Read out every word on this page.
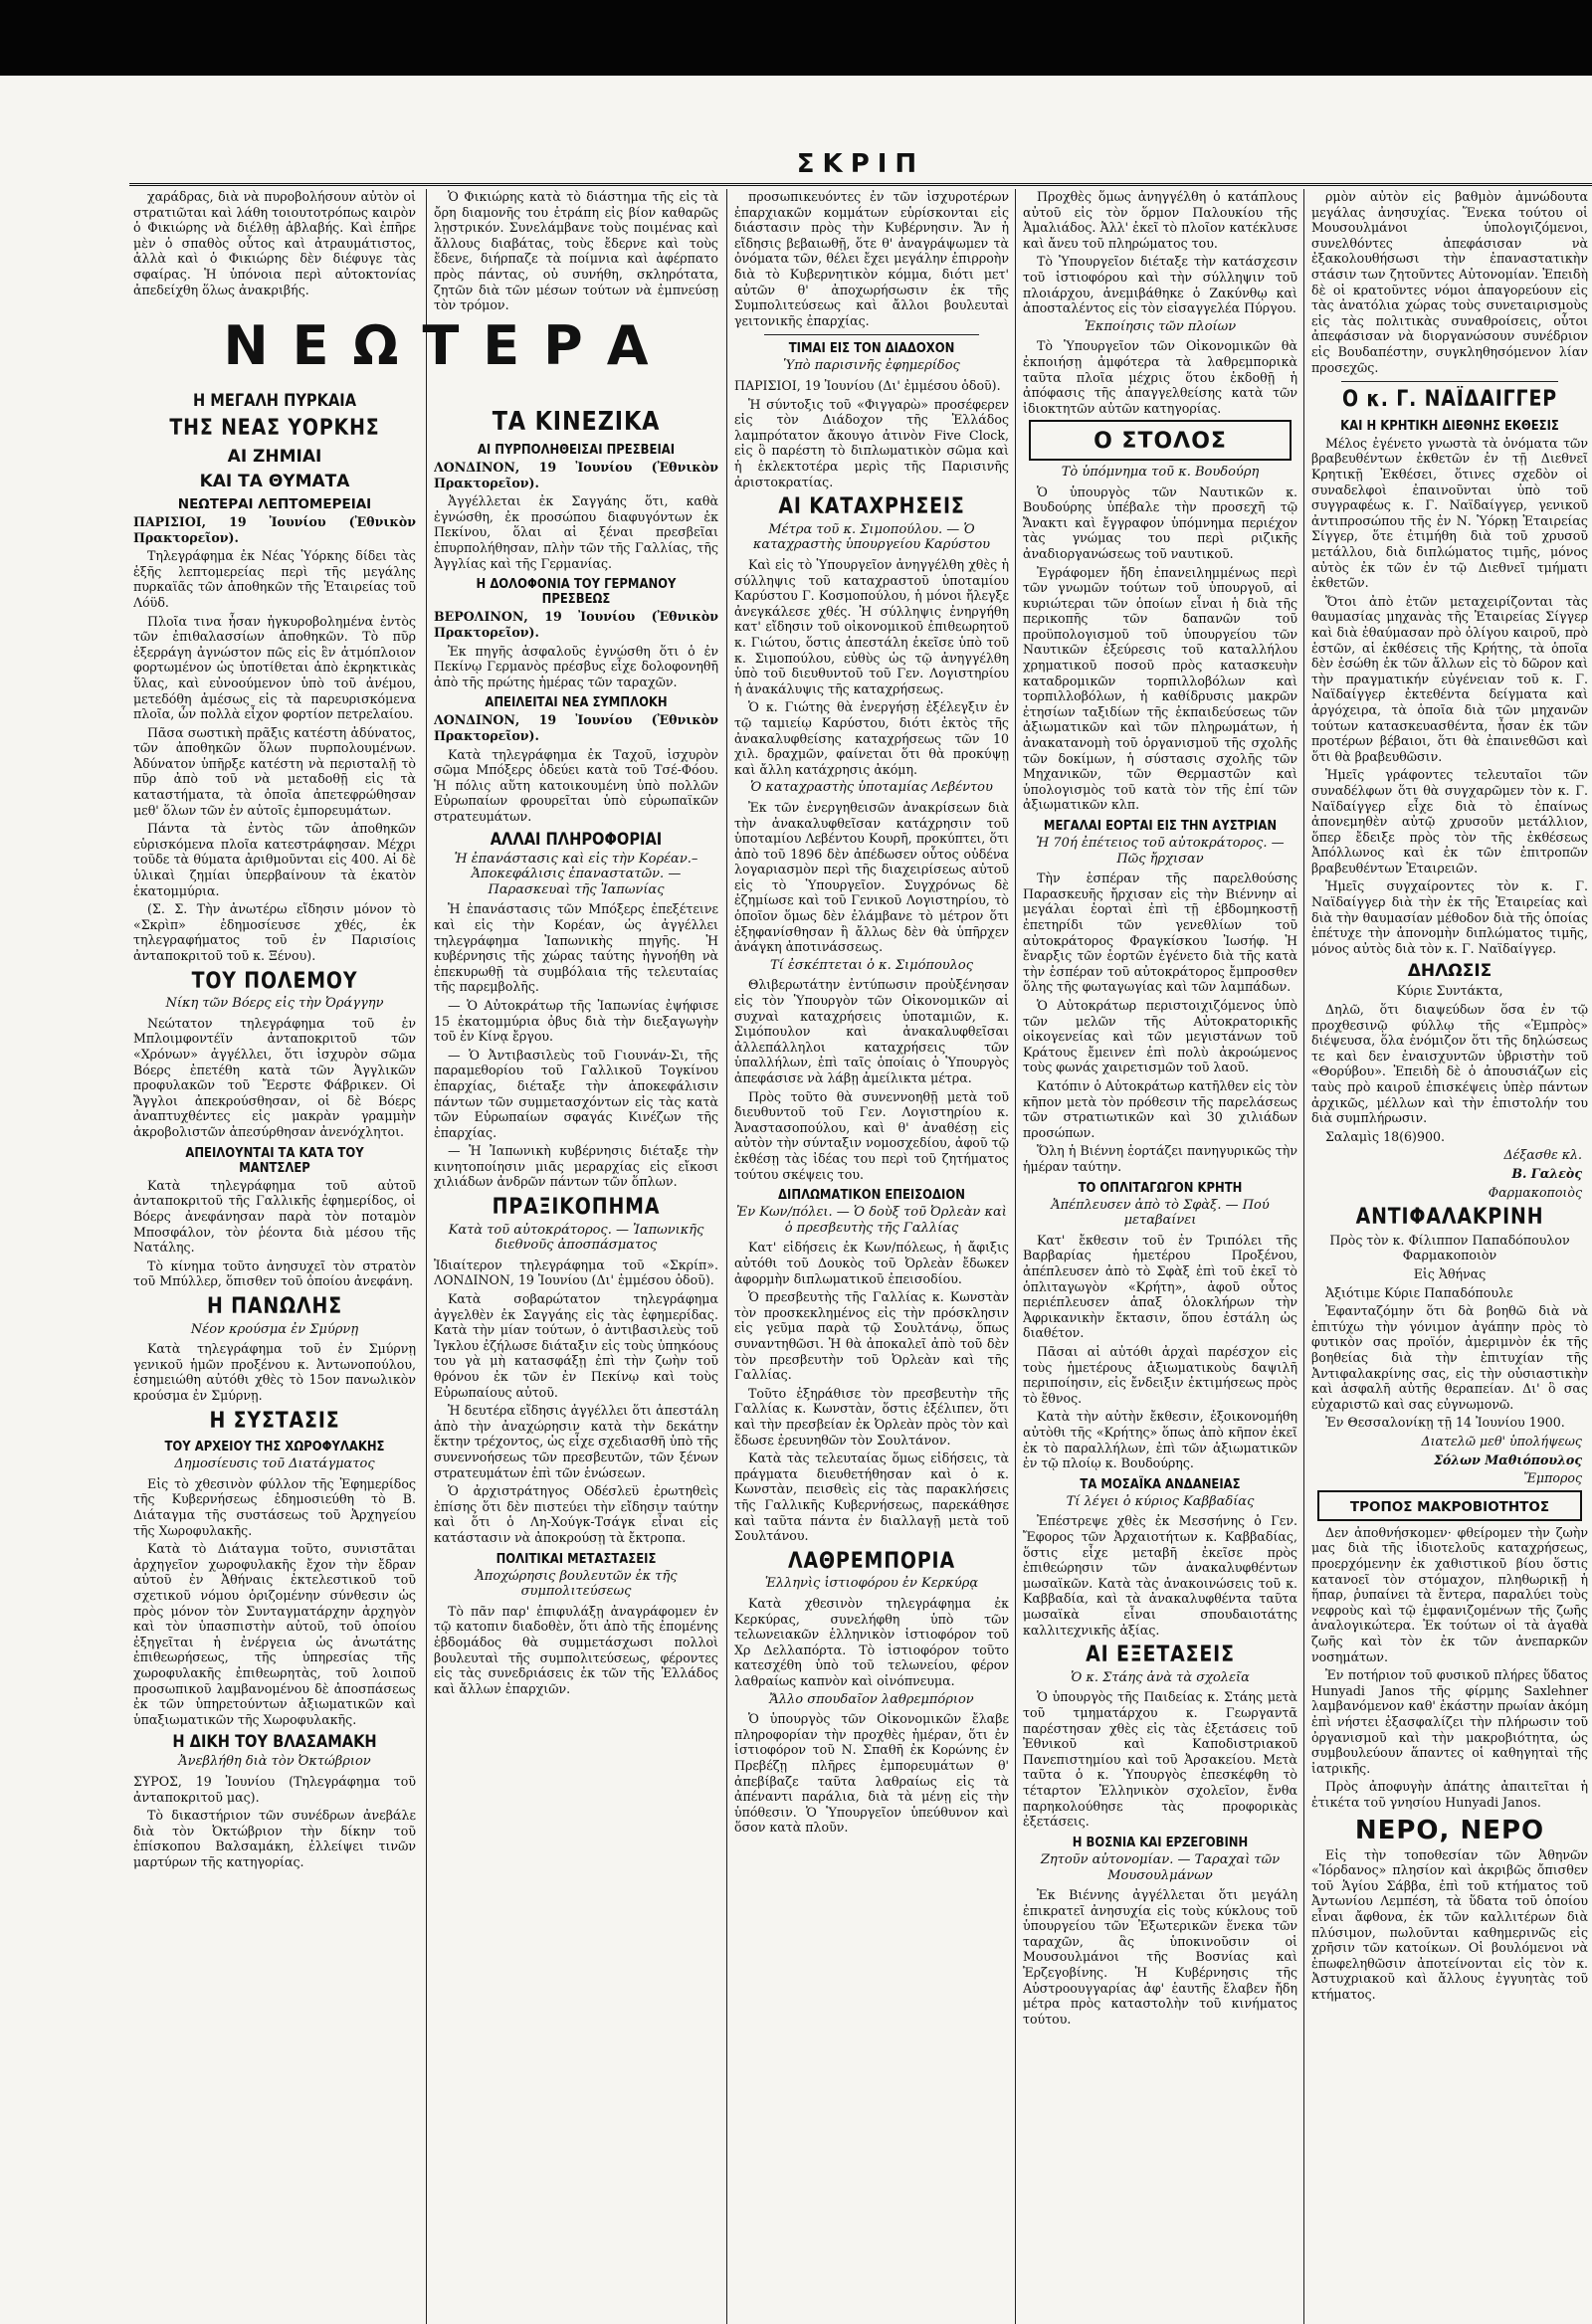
ΣΚΡΙΠ
ΝΕΩΤΕΡΑ

χαράδρας, διὰ νὰ πυροβολήσουν αὐτὸν οἱ στρατιῶται καὶ λάθη τοιουτοτρόπως καιρὸν ὁ Φικιώρης νὰ διέλθῃ ἀβλαβής. Καὶ ἐπῆρε μὲν ὁ σπαθὸς οὗτος καὶ ἀτραυμάτιστος, ἀλλὰ καὶ ὁ Φικιώρης δὲν διέφυγε τὰς σφαίρας. Ἡ ὑπόνοια περὶ αὐτοκτονίας ἀπεδείχθη ὅλως ἀνακριβής.

Η ΜΕΓΑΛΗ ΠΥΡΚΑΙΑ
ΤΗΣ ΝΕΑΣ ΥΟΡΚΗΣ
ΑΙ ΖΗΜΙΑΙ
ΚΑΙ ΤΑ ΘΥΜΑΤΑ
ΝΕΩΤΕΡΑΙ ΛΕΠΤΟΜΕΡΕΙΑΙ

ΠΑΡΙΣΙΟΙ, 19 Ἰουνίου (Ἐθνικὸν Πρακτορεῖον).

Τηλεγράφημα ἐκ Νέας Ὑόρκης δίδει τὰς ἑξῆς λεπτομερείας περὶ τῆς μεγάλης πυρκαϊᾶς τῶν ἀποθηκῶν τῆς Ἑταιρείας τοῦ Λόϋδ.

Πλοῖα τινα ἦσαν ἠγκυροβολημένα ἐντὸς τῶν ἐπιθαλασσίων ἀποθηκῶν. Τὸ πῦρ ἐξερράγη ἀγνώστον πῶς εἰς ἓν ἀτμόπλοιον φορτωμένον ὡς ὑποτίθεται ἀπὸ ἐκρηκτικὰς ὕλας, καὶ εὐνοούμενον ὑπὸ τοῦ ἀνέμου, μετεδόθη ἀμέσως εἰς τὰ παρευρισκόμενα πλοῖα, ὧν πολλὰ εἶχον φορτίον πετρελαίου.

Πᾶσα σωστικὴ πρᾶξις κατέστη ἀδύνατος, τῶν ἀποθηκῶν ὅλων πυρπολουμένων. Ἀδύνατον ὑπῆρξε κατέστη νὰ περισταλῇ τὸ πῦρ ἀπὸ τοῦ νὰ μεταδοθῇ εἰς τὰ καταστήματα, τὰ ὁποῖα ἀπετεφρώθησαν μεθ' ὅλων τῶν ἐν αὐτοῖς ἐμπορευμάτων.

Πάντα τὰ ἐντὸς τῶν ἀποθηκῶν εὑρισκόμενα πλοῖα κατεστράφησαν. Μέχρι τοῦδε τὰ θύματα ἀριθμοῦνται εἰς 400. Αἱ δὲ ὑλικαὶ ζημίαι ὑπερβαίνουν τὰ ἑκατὸν ἑκατομμύρια.

(Σ. Σ. Τὴν ἀνωτέρω εἴδησιν μόνον τὸ «Σκρὶπ» ἐδημοσίευσε χθές, ἐκ τηλεγραφήματος τοῦ ἐν Παρισίοις ἀνταποκριτοῦ τοῦ κ. Ξένου).

ΤΟΥ ΠΟΛΕΜΟΥ
Νίκη τῶν Βόερς εἰς τὴν Ὀράγγην

Νεώτατον τηλεγράφημα τοῦ ἐν Μπλοιμφοντέϊν ἀνταποκριτοῦ τῶν «Χρόνων» ἀγγέλλει, ὅτι ἰσχυρὸν σῶμα Βόερς ἐπετέθη κατὰ τῶν Ἀγγλικῶν προφυλακῶν τοῦ Ἔερστε Φάβρικεν. Οἱ Ἄγγλοι ἀπεκρούσθησαν, οἱ δὲ Βόερς ἀναπτυχθέντες εἰς μακρὰν γραμμὴν ἀκροβολιστῶν ἀπεσύρθησαν ἀνενόχλητοι.

ΑΠΕΙΛΟΥΝΤΑΙ ΤΑ ΚΑΤΑ ΤΟΥ ΜΑΝΤΣΛΕΡ

Κατὰ τηλεγράφημα τοῦ αὐτοῦ ἀνταποκριτοῦ τῆς Γαλλικῆς ἐφημερίδος, οἱ Βόερς ἀνεφάνησαν παρὰ τὸν ποταμὸν Μποσφάλον, τὸν ῥέοντα διὰ μέσου τῆς Νατάλης.

Τὸ κίνημα τοῦτο ἀνησυχεῖ τὸν στρατὸν τοῦ Μπύλλερ, ὅπισθεν τοῦ ὁποίου ἀνεφάνη.

Η ΠΑΝΩΛΗΣ
Νέον κρούσμα ἐν Σμύρνῃ

Κατὰ τηλεγράφημα τοῦ ἐν Σμύρνῃ γενικοῦ ἡμῶν προξένου κ. Ἀντωνοπούλου, ἐσημειώθη αὐτόθι χθὲς τὸ 15ον πανωλικὸν κρούσμα ἐν Σμύρνῃ.

Η ΣΥΣΤΑΣΙΣ
ΤΟΥ ΑΡΧΕΙΟΥ ΤΗΣ ΧΩΡΟΦΥΛΑΚΗΣ
Δημοσίευσις τοῦ Διατάγματος

Εἰς τὸ χθεσινὸν φύλλον τῆς Ἐφημερίδος τῆς Κυβερνήσεως ἐδημοσιεύθη τὸ Β. Διάταγμα τῆς συστάσεως τοῦ Ἀρχηγείου τῆς Χωροφυλακῆς.

Κατὰ τὸ Διάταγμα τοῦτο, συνιστᾶται ἀρχηγεῖον χωροφυλακῆς ἔχον τὴν ἔδραν αὐτοῦ ἐν Ἀθήναις ἐκτελεστικοῦ τοῦ σχετικοῦ νόμου ὁριζομένην σύνθεσιν ὡς πρὸς μόνον τὸν Συνταγματάρχην ἀρχηγὸν καὶ τὸν ὑπασπιστὴν αὐτοῦ, τοῦ ὁποίου ἐξηγεῖται ἡ ἐνέργεια ὡς ἀνωτάτης ἐπιθεωρήσεως, τῆς ὑπηρεσίας τῆς χωροφυλακῆς ἐπιθεωρητὰς, τοῦ λοιποῦ προσωπικοῦ λαμβανομένου δὲ ἀποσπάσεως ἐκ τῶν ὑπηρετούντων ἀξιωματικῶν καὶ ὑπαξιωματικῶν τῆς Χωροφυλακῆς.

Η ΔΙΚΗ ΤΟΥ ΒΛΑΣΑΜΑΚΗ
Ἀνεβλήθη διὰ τὸν Ὀκτώβριον

ΣΥΡΟΣ, 19 Ἰουνίου (Τηλεγράφημα τοῦ ἀνταποκριτοῦ μας).

Τὸ δικαστήριον τῶν συνέδρων ἀνεβάλε διὰ τὸν Ὀκτώβριον τὴν δίκην τοῦ ἐπίσκοπου Βαλσαμάκη, ἐλλείψει τινῶν μαρτύρων τῆς κατηγορίας.

Ὁ Φικιώρης κατὰ τὸ διάστημα τῆς εἰς τὰ ὄρη διαμονῆς του ἐτράπη εἰς βίον καθαρῶς λῃστρικόν. Συνελάμβανε τοὺς ποιμένας καὶ ἄλλους διαβάτας, τοὺς ἔδερνε καὶ τοὺς ἔδενε, διήρπαζε τὰ ποίμνια καὶ ἀφέρπατο πρὸς πάντας, οὐ συνήθη, σκληρότατα, ζητῶν διὰ τῶν μέσων τούτων νὰ ἐμπνεύσῃ τὸν τρόμον.

ΤΑ ΚΙΝΕΖΙΚΑ
ΑΙ ΠΥΡΠΟΛΗΘΕΙΣΑΙ ΠΡΕΣΒΕΙΑΙ

ΛΟΝΔΙΝΟΝ, 19 Ἰουνίου (Ἐθνικὸν Πρακτορεῖον).

Ἀγγέλλεται ἐκ Σαγγάης ὅτι, καθὰ ἐγνώσθη, ἐκ προσώπου διαφυγόντων ἐκ Πεκίνου, ὅλαι αἱ ξέναι πρεσβεῖαι ἐπυρπολήθησαν, πλὴν τῶν τῆς Γαλλίας, τῆς Ἀγγλίας καὶ τῆς Γερμανίας.

Η ΔΟΛΟΦΟΝΙΑ ΤΟΥ ΓΕΡΜΑΝΟΥ ΠΡΕΣΒΕΩΣ

ΒΕΡΟΛΙΝΟΝ, 19 Ἰουνίου (Ἐθνικὸν Πρακτορεῖον).

Ἐκ πηγῆς ἀσφαλοῦς ἐγνώσθη ὅτι ὁ ἐν Πεκίνῳ Γερμανὸς πρέσβυς εἶχε δολοφονηθῆ ἀπὸ τῆς πρώτης ἡμέρας τῶν ταραχῶν.

ΑΠΕΙΛΕΙΤΑΙ ΝΕΑ ΣΥΜΠΛΟΚΗ

ΛΟΝΔΙΝΟΝ, 19 Ἰουνίου (Ἐθνικὸν Πρακτορεῖον).

Κατὰ τηλεγράφημα ἐκ Ταχοῦ, ἰσχυρὸν σῶμα Μπόξερς ὁδεύει κατὰ τοῦ Τσέ-Φόου. Ἡ πόλις αὕτη κατοικουμένη ὑπὸ πολλῶν Εὐρωπαίων φρουρεῖται ὑπὸ εὐρωπαϊκῶν στρατευμάτων.

ΑΛΛΑΙ ΠΛΗΡΟΦΟΡΙΑΙ
Ἡ ἐπανάστασις καὶ εἰς τὴν Κορέαν.–Ἀποκεφάλισις ἐπαναστατῶν. — Παρασκευαὶ τῆς Ἰαπωνίας

Ἡ ἐπανάστασις τῶν Μπόξερς ἐπεξέτεινε καὶ εἰς τὴν Κορέαν, ὡς ἀγγέλλει τηλεγράφημα Ἰαπωνικὴς πηγῆς. Ἡ κυβέρνησις τῆς χώρας ταύτης ἠγνοήθη νὰ ἐπεκυρωθῇ τὰ συμβόλαια τῆς τελευταίας τῆς παρεμβολῆς.

— Ὁ Αὐτοκράτωρ τῆς Ἰαπωνίας ἐψήφισε 15 ἑκατομμύρια ὀβυς διὰ τὴν διεξαγωγὴν τοῦ ἐν Κίνᾳ ἔργου.

— Ὁ Ἀντιβασιλεὺς τοῦ Γιουνάν-Σι, τῆς παραμεθορίου τοῦ Γαλλικοῦ Τογκίνου ἐπαρχίας, διέταξε τὴν ἀποκεφάλισιν πάντων τῶν συμμετασχόντων εἰς τὰς κατὰ τῶν Εὐρωπαίων σφαγάς Κινέζων τῆς ἐπαρχίας.

— Ἡ Ἰαπωνικὴ κυβέρνησις διέταξε τὴν κινητοποίησιν μιᾶς μεραρχίας εἰς εἴκοσι χιλιάδων ἀνδρῶν πάντων τῶν ὅπλων.

ΠΡΑΞΙΚΟΠΗΜΑ
Κατὰ τοῦ αὐτοκράτορος. — Ἰαπωνικῆς διεθνοῦς ἀποσπάσματος

Ἰδιαίτερον τηλεγράφημα τοῦ «Σκρίπ». ΛΟΝΔΙΝΟΝ, 19 Ἰουνίου (Δι' ἐμμέσου ὁδοῦ).

Κατὰ σοβαρώτατον τηλεγράφημα ἀγγελθὲν ἐκ Σαγγάης εἰς τὰς ἐφημερίδας. Κατὰ τὴν μίαν τούτων, ὁ ἀντιβασιλεὺς τοῦ Ἰγκλου ἐζήλωσε διάταξιν εἰς τοὺς ὑπηκόους του γὰ μὴ κατασφάξῃ ἐπὶ τὴν ζωὴν τοῦ θρόνου ἐκ τῶν ἐν Πεκίνῳ καὶ τοὺς Εὐρωπαίους αὐτοῦ.

Ἡ δευτέρα εἴδησις ἀγγέλλει ὅτι ἀπεστάλη ἀπὸ τὴν ἀναχώρησιν κατὰ τὴν δεκάτην ἕκτην τρέχοντος, ὡς εἶχε σχεδιασθῆ ὑπὸ τῆς συνεννοήσεως τῶν πρεσβευτῶν, τῶν ξένων στρατευμάτων ἐπὶ τῶν ἑνώσεων.

Ὁ ἀρχιστράτηγος Οδέσλεϋ ἐρωτηθεὶς ἐπίσης ὅτι δὲν πιστεύει τὴν εἴδησιν ταύτην καὶ ὅτι ὁ Λη-Χούγκ-Τσάγκ εἶναι εἰς κατάστασιν νὰ ἀποκρούσῃ τὰ ἔκτροπα.

ΠΟΛΙΤΙΚΑΙ ΜΕΤΑΣΤΑΣΕΙΣ
Ἀποχώρησις βουλευτῶν ἐκ τῆς συμπολιτεύσεως

Τὸ πᾶν παρ' ἐπιφυλάξῃ ἀναγράφομεν ἐν τῷ κατοπιν διαδοθὲν, ὅτι ἀπὸ τῆς ἐπομένης ἑβδομάδος θὰ συμμετάσχωσι πολλοὶ βουλευταὶ τῆς συμπολιτεύσεως, φέροντες εἰς τὰς συνεδριάσεις ἐκ τῶν τῆς Ἑλλάδος καὶ ἄλλων ἐπαρχιῶν.

προσωπικευόντες ἐν τῶν ἰσχυροτέρων ἐπαρχιακῶν κομμάτων εὑρίσκονται εἰς διάστασιν πρὸς τὴν Κυβέρνησιν. Ἄν ἡ εἴδησις βεβαιωθῇ, ὅτε θ' ἀναγράψωμεν τὰ ὀνόματα τῶν, θέλει ἔχει μεγάλην ἐπιρροὴν διὰ τὸ Κυβερνητικὸν κόμμα, διότι μετ' αὐτῶν θ' ἀποχωρήσωσιν ἐκ τῆς Συμπολιτεύσεως καὶ ἄλλοι βουλευταὶ γειτονικῆς ἐπαρχίας.

ΤΙΜΑΙ ΕΙΣ ΤΟΝ ΔΙΑΔΟΧΟΝ
Ὑπὸ παρισινῆς ἐφημερίδος

ΠΑΡΙΣΙΟΙ, 19 Ἰουνίου (Δι' ἐμμέσου ὁδοῦ).

Ἡ σύντοξις τοῦ «Φιγγαρὼ» προσέφερεν εἰς τὸν Διάδοχον τῆς Ἑλλάδος λαμπρότατον ἄκουγο ἀτινὸν Five Clock, εἰς ὃ παρέστη τὸ διπλωματικὸν σῶμα καὶ ἡ ἐκλεκτοτέρα μερὶς τῆς Παρισινῆς ἀριστοκρατίας.

ΑΙ ΚΑΤΑΧΡΗΣΕΙΣ
Μέτρα τοῦ κ. Σιμοπούλου. — Ὁ καταχραστὴς ὑπουργείου Καρύστου

Καὶ εἰς τὸ Ὑπουργεῖον ἀνηγγέλθη χθὲς ἡ σύλληψις τοῦ καταχραστοῦ ὑποταμίου Καρύστου Γ. Κοσμοπούλου, ἡ μόνοι ἤλεγξε ἀνεγκάλεσε χθές. Ἡ σύλληψις ἐνηργήθη κατ' εἴδησιν τοῦ οἰκονομικοῦ ἐπιθεωρητοῦ κ. Γιώτου, ὅστις ἀπεστάλη ἐκεῖσε ὑπὸ τοῦ κ. Σιμοπούλου, εὐθὺς ὡς τῷ ἀνηγγέλθη ὑπὸ τοῦ διευθυντοῦ τοῦ Γεν. Λογιστηρίου ἡ ἀνακάλυψις τῆς καταχρήσεως.

Ὁ κ. Γιώτης θὰ ἐνεργήσῃ ἐξέλεγξιν ἐν τῷ ταμιείῳ Καρύστου, διότι ἐκτὸς τῆς ἀνακαλυφθείσης καταχρήσεως τῶν 10 χιλ. δραχμῶν, φαίνεται ὅτι θὰ προκύψῃ καὶ ἄλλη κατάχρησις ἀκόμη.

Ὁ καταχραστὴς ὑποταμίας Λεβέντου

Ἐκ τῶν ἐνεργηθεισῶν ἀνακρίσεων διὰ τὴν ἀνακαλυφθεῖσαν κατάχρησιν τοῦ ὑποταμίου Λεβέντου Κουρῆ, προκύπτει, ὅτι ἀπὸ τοῦ 1896 δὲν ἀπέδωσεν οὗτος οὐδένα λογαριασμὸν περὶ τῆς διαχειρίσεως αὐτοῦ εἰς τὸ Ὑπουργεῖον. Συγχρόνως δὲ ἐζημίωσε καὶ τοῦ Γενικοῦ Λογιστηρίου, τὸ ὁποῖον ὅμως δὲν ἐλάμβανε τὸ μέτρον ὅτι ἐξηφανίσθησαν ἢ ἄλλως δὲν θὰ ὑπῆρχεν ἀνάγκη ἀποτινάσσεως.

Τί ἐσκέπτεται ὁ κ. Σιμόπουλος

Θλιβερωτάτην ἐντύπωσιν προὐξένησαν εἰς τὸν Ὑπουργὸν τῶν Οἰκονομικῶν αἱ συχναὶ καταχρήσεις ὑποταμιῶν, κ. Σιμόπουλον καὶ ἀνακαλυφθεῖσαι ἀλλεπάλληλοι καταχρήσεις τῶν ὑπαλλήλων, ἐπὶ ταῖς ὁποίαις ὁ Ὑπουργὸς ἀπεφάσισε νὰ λάβῃ ἀμείλικτα μέτρα.

Πρὸς τοῦτο θὰ συνεννοηθῇ μετὰ τοῦ διευθυντοῦ τοῦ Γεν. Λογιστηρίου κ. Ἀναστασοπούλου, καὶ θ' ἀναθέσῃ εἰς αὐτὸν τὴν σύνταξιν νομοσχεδίου, ἀφοῦ τῷ ἐκθέσῃ τὰς ἰδέας του περὶ τοῦ ζητήματος τούτου σκέψεις του.

ΔΙΠΛΩΜΑΤΙΚΟΝ ΕΠΕΙΣΟΔΙΟΝ
Ἐν Κων/πόλει. — Ὁ δοὺξ τοῦ Ὀρλεὰν καὶ ὁ πρεσβευτὴς τῆς Γαλλίας

Κατ' εἰδήσεις ἐκ Κων/πόλεως, ἡ ἄφιξις αὐτόθι τοῦ Δουκὸς τοῦ Ὀρλεὰν ἔδωκεν ἀφορμὴν διπλωματικοῦ ἐπεισοδίου.

Ὁ πρεσβευτὴς τῆς Γαλλίας κ. Κωνστὰν τὸν προσκεκλημένος εἰς τὴν πρόσκλησιν εἰς γεῦμα παρὰ τῷ Σουλτάνῳ, ὅπως συναντηθῶσι. Ἡ θὰ ἀποκαλεῖ ἀπὸ τοῦ δὲν τὸν πρεσβευτὴν τοῦ Ὀρλεὰν καὶ τῆς Γαλλίας.

Τοῦτο ἐξηράθισε τὸν πρεσβευτὴν τῆς Γαλλίας κ. Κωνστὰν, ὅστις ἐξέλιπεν, ὅτι καὶ τὴν πρεσβείαν ἐκ Ὀρλεὰν πρὸς τὸν καὶ ἔδωσε ἐρευνηθῶν τὸν Σουλτάνον.

Κατὰ τὰς τελευταίας ὅμως εἰδήσεις, τὰ πράγματα διευθετήθησαν καὶ ὁ κ. Κωνστὰν, πεισθεὶς εἰς τὰς παρακλήσεις τῆς Γαλλικῆς Κυβερνήσεως, παρεκάθησε καὶ ταῦτα πάντα ἐν διαλλαγῇ μετὰ τοῦ Σουλτάνου.

ΛΑΘΡΕΜΠΟΡΙΑ
Ἑλληνὶς ἱστιοφόρου ἐν Κερκύρᾳ

Κατὰ χθεσινὸν τηλεγράφημα ἐκ Κερκύρας, συνελήφθη ὑπὸ τῶν τελωνειακῶν ἑλληνικὸν ἱστιοφόρον τοῦ Χρ Δελλαπόρτα. Τὸ ἱστιοφόρον τοῦτο κατεσχέθη ὑπὸ τοῦ τελωνείου, φέρον λαθραίως καπνὸν καὶ οἰνόπνευμα.

Ἄλλο σπουδαῖον λαθρεμπόριον

Ὁ ὑπουργὸς τῶν Οἰκονομικῶν ἔλαβε πληροφορίαν τὴν προχθὲς ἡμέραν, ὅτι ἐν ἱστιοφόρον τοῦ Ν. Σπαθῆ ἐκ Κορώνης ἐν Πρεβέζῃ πλῆρες ἐμπορευμάτων θ' ἀπεβίβαζε ταῦτα λαθραίως εἰς τὰ ἀπέναντι παράλια, διὰ τὰ μένῃ εἰς τὴν ὑπόθεσιν. Ὁ Ὑπουργεῖον ὑπεύθυνον καὶ ὅσον κατὰ πλοῦν.

Προχθὲς ὅμως ἀνηγγέλθη ὁ κατάπλους αὐτοῦ εἰς τὸν ὅρμον Παλουκίου τῆς Ἀμαλιάδος. Ἀλλ' ἐκεῖ τὸ πλοῖον κατέκλυσε καὶ ἄνευ τοῦ πληρώματος του.

Τὸ Ὑπουργεῖον διέταξε τὴν κατάσχεσιν τοῦ ἱστιοφόρου καὶ τὴν σύλληψιν τοῦ πλοιάρχου, ἀνεμιβάθηκε ὁ Ζακύνθῳ καὶ ἀποσταλέντος εἰς τὸν εἰσαγγελέα Πύργου.

Ἐκποίησις τῶν πλοίων

Τὸ Ὑπουργεῖον τῶν Οἰκονομικῶν θὰ ἐκποιήσῃ ἀμφότερα τὰ λαθρεμπορικὰ ταῦτα πλοῖα μέχρις ὅτου ἐκδοθῇ ἡ ἀπόφασις τῆς ἀπαγγελθείσης κατὰ τῶν ἰδιοκτητῶν αὐτῶν κατηγορίας.

Ο ΣΤΟΛΟΣ
Τὸ ὑπόμνημα τοῦ κ. Βουδούρη

Ὁ ὑπουργὸς τῶν Ναυτικῶν κ. Βουδούρης ὑπέβαλε τὴν προσεχῆ τῷ Ἄνακτι καὶ ἔγγραφον ὑπόμνημα περιέχον τὰς γνώμας του περὶ ριζικῆς ἀναδιοργανώσεως τοῦ ναυτικοῦ.

Ἐγράφομεν ἤδη ἐπανειλημμένως περὶ τῶν γνωμῶν τούτων τοῦ ὑπουργοῦ, αἱ κυριώτεραι τῶν ὁποίων εἶναι ἡ διὰ τῆς περικοπῆς τῶν δαπανῶν τοῦ προϋπολογισμοῦ τοῦ ὑπουργείου τῶν Ναυτικῶν ἐξεύρεσις τοῦ καταλλήλου χρηματικοῦ ποσοῦ πρὸς κατασκευὴν καταδρομικῶν τορπιλλοβόλων καὶ τορπιλλοβόλων, ἡ καθίδρυσις μακρῶν ἐτησίων ταξιδίων τῆς ἐκπαιδεύσεως τῶν ἀξιωματικῶν καὶ τῶν πληρωμάτων, ἡ ἀνακατανομὴ τοῦ ὀργανισμοῦ τῆς σχολῆς τῶν δοκίμων, ἡ σύστασις σχολῆς τῶν Μηχανικῶν, τῶν Θερμαστῶν καὶ ὑπολογισμὸς τοῦ κατὰ τὸν τῆς ἐπί τῶν ἀξιωματικῶν κλπ.

ΜΕΓΑΛΑΙ ΕΟΡΤΑΙ ΕΙΣ ΤΗΝ ΑΥΣΤΡΙΑΝ
Ἡ 70ή ἐπέτειος τοῦ αὐτοκράτορος. — Πῶς ἤρχισαν

Τὴν ἑσπέραν τῆς παρελθούσης Παρασκευῆς ἤρχισαν εἰς τὴν Βιέννην αἱ μεγάλαι ἑορταὶ ἐπὶ τῇ ἑβδομηκοστῇ ἐπετηρίδι τῶν γενεθλίων τοῦ αὐτοκράτορος Φραγκίσκου Ἰωσήφ. Ἡ ἔναρξις τῶν ἑορτῶν ἐγένετο διὰ τῆς κατὰ τὴν ἑσπέραν τοῦ αὐτοκράτορος ἔμπροσθεν ὅλης τῆς φωταγωγίας καὶ τῶν λαμπάδων.

Ὁ Αὐτοκράτωρ περιστοιχιζόμενος ὑπὸ τῶν μελῶν τῆς Αὐτοκρατορικῆς οἰκογενείας καὶ τῶν μεγιστάνων τοῦ Κράτους ἔμεινεν ἐπὶ πολὺ ἀκροώμενος τοὺς φωνάς χαιρετισμῶν τοῦ λαοῦ.

Κατόπιν ὁ Αὐτοκράτωρ κατῆλθεν εἰς τὸν κῆπον μετὰ τὸν πρόθεσιν τῆς παρελάσεως τῶν στρατιωτικῶν καὶ 30 χιλιάδων προσώπων.

Ὅλη ἡ Βιέννη ἑορτάζει πανηγυρικῶς τὴν ἡμέραν ταύτην.

ΤΟ ΟΠΛΙΤΑΓΩΓΟΝ ΚΡΗΤΗ
Ἀπέπλευσεν ἀπὸ τὸ Σφὰξ. — Πού μεταβαίνει

Κατ' ἔκθεσιν τοῦ ἐν Τριπόλει τῆς Βαρβαρίας ἡμετέρου Προξένου, ἀπέπλευσεν ἀπὸ τὸ Σφὰξ ἐπὶ τοῦ ἐκεῖ τὸ ὁπλιταγωγὸν «Κρήτη», ἀφοῦ οὗτος περιέπλευσεν ἁπαξ ὁλοκλήρων τὴν Ἀφρικανικὴν ἔκτασιν, ὅπου ἐστάλη ὡς διαθέτον.

Πᾶσαι αἱ αὐτόθι ἀρχαὶ παρέσχον εἰς τοὺς ἡμετέρους ἀξιωματικοὺς δαψιλῆ περιποίησιν, εἰς ἔνδειξιν ἐκτιμήσεως πρὸς τὸ ἔθνος.

Κατὰ τὴν αὐτὴν ἔκθεσιν, ἐξοικονομήθη αὐτὸθι τῆς «Κρήτης» ὅπως ἀπὸ κῆπον ἐκεῖ ἐκ τὸ παραλλήλων, ἐπὶ τῶν ἀξιωματικῶν ἐν τῷ πλοίῳ κ. Βουδούρης.

ΤΑ ΜΟΣΑΪΚΑ ΑΝΔΑΝΕΙΑΣ
Τί λέγει ὁ κύριος Καββαδίας

Ἐπέστρεψε χθὲς ἐκ Μεσσήνης ὁ Γεν. Ἔφορος τῶν Ἀρχαιοτήτων κ. Καββαδίας, ὅστις εἶχε μεταβῆ ἐκεῖσε πρὸς ἐπιθεώρησιν τῶν ἀνακαλυφθέντων μωσαϊκῶν. Κατὰ τὰς ἀνακοινώσεις τοῦ κ. Καββαδία, καὶ τὰ ἀνακαλυφθέντα ταῦτα μωσαϊκὰ εἶναι σπουδαιοτάτης καλλιτεχνικῆς ἀξίας.

ΑΙ ΕΞΕΤΑΣΕΙΣ
Ὁ κ. Στάης ἀνὰ τὰ σχολεῖα

Ὁ ὑπουργὸς τῆς Παιδείας κ. Στάης μετὰ τοῦ τμηματάρχου κ. Γεωργαντᾶ παρέστησαν χθὲς εἰς τὰς ἐξετάσεις τοῦ Ἐθνικοῦ καὶ Καποδιστριακοῦ Πανεπιστημίου καὶ τοῦ Ἀρσακείου. Μετὰ ταῦτα ὁ κ. Ὑπουργὸς ἐπεσκέφθη τὸ τέταρτον Ἑλληνικὸν σχολεῖον, ἔνθα παρηκολούθησε τὰς προφορικὰς ἐξετάσεις.

Η ΒΟΣΝΙΑ ΚΑΙ ΕΡΖΕΓΟΒΙΝΗ
Ζητοῦν αὐτονομίαν. — Ταραχαὶ τῶν Μουσουλμάνων

Ἐκ Βιέννης ἀγγέλλεται ὅτι μεγάλη ἐπικρατεῖ ἀνησυχία εἰς τοὺς κύκλους τοῦ ὑπουργείου τῶν Ἐξωτερικῶν ἕνεκα τῶν ταραχῶν, ἃς ὑποκινοῦσιν οἱ Μουσουλμάνοι τῆς Βοσνίας καὶ Ἐρζεγοβίνης. Ἡ Κυβέρνησις τῆς Αὐστροουγγαρίας ἀφ' ἑαυτῆς ἔλαβεν ἤδη μέτρα πρὸς καταστολὴν τοῦ κινήματος τούτου.

ρμὸν αὐτὸν εἰς βαθμὸν ἀμνώδουτα μεγάλας ἀνησυχίας. Ἕνεκα τούτου οἱ Μουσουλμάνοι ὑπολογιζόμενοι, συνελθόντες ἀπεφάσισαν νὰ ἐξακολουθήσωσι τὴν ἐπαναστατικὴν στάσιν των ζητοῦντες Αὐτονομίαν. Ἐπειδὴ δὲ οἱ κρατοῦντες νόμοι ἀπαγορεύουν εἰς τὰς ἀνατόλια χώρας τοὺς συνεταιρισμοὺς εἰς τὰς πολιτικὰς συναθροίσεις, οὗτοι ἀπεφάσισαν νὰ διοργανώσουν συνέδριον εἰς Βουδαπέστην, συγκληθησόμενον λίαν προσεχῶς.

Ο κ. Γ. ΝΑΪΔΑΙΓΓΕΡ
ΚΑΙ Η ΚΡΗΤΙΚΗ ΔΙΕΘΝΗΣ ΕΚΘΕΣΙΣ

Μέλος ἐγένετο γνωστὰ τὰ ὀνόματα τῶν βραβευθέντων ἐκθετῶν ἐν τῇ Διεθνεῖ Κρητικῇ Ἐκθέσει, ὅτινες σχεδὸν οἱ συναδελφοὶ ἐπαινοῦνται ὑπὸ τοῦ συγγραφέως κ. Γ. Ναϊδαίγγερ, γενικοῦ ἀντιπροσώπου τῆς ἐν Ν. Ὑόρκῃ Ἑταιρείας Σίγγερ, ὅτε ἐτιμήθη διὰ τοῦ χρυσοῦ μετάλλου, διὰ διπλώματος τιμῆς, μόνος αὐτὸς ἐκ τῶν ἐν τῷ Διεθνεῖ τμήματι ἐκθετῶν.

Ὅτοι ἀπὸ ἐτῶν μεταχειρίζονται τὰς θαυμασίας μηχανὰς τῆς Ἑταιρείας Σίγγερ καὶ διὰ ἐθαύμασαν πρὸ ὀλίγου καιροῦ, πρὸ ἑστῶν, αἱ ἐκθέσεις τῆς Κρήτης, τὰ ὁποῖα δὲν ἐσώθη ἐκ τῶν ἄλλων εἰς τὸ δῶρον καὶ τὴν πραγματικήν εὐγένειαν τοῦ κ. Γ. Ναϊδαίγγερ ἐκτεθέντα δείγματα καὶ ἀργόχειρα, τὰ ὁποῖα διὰ τῶν μηχανῶν τούτων κατασκευασθέντα, ἦσαν ἐκ τῶν προτέρων βέβαιοι, ὅτι θὰ ἐπαινεθῶσι καὶ ὅτι θὰ βραβευθῶσιν.

Ἡμεῖς γράφοντες τελευταῖοι τῶν συναδέλφων ὅτι θὰ συγχαρῶμεν τὸν κ. Γ. Ναϊδαίγγερ εἶχε διὰ τὸ ἐπαίνως ἀπονεμηθὲν αὐτῷ χρυσοῦν μετάλλιον, ὅπερ ἔδειξε πρὸς τὸν τῆς ἐκθέσεως Ἀπόλλωνος καὶ ἐκ τῶν ἐπιτροπῶν βραβευθέντων Ἑταιρειῶν.

Ἡμεῖς συγχαίροντες τὸν κ. Γ. Ναϊδαίγγερ διὰ τὴν ἐκ τῆς Ἑταιρείας καὶ διὰ τὴν θαυμασίαν μέθοδον διὰ τῆς ὁποίας ἐπέτυχε τὴν ἀπονομὴν διπλώματος τιμῆς, μόνος αὐτὸς διὰ τὸν κ. Γ. Ναϊδαίγγερ.

ΔΗΛΩΣΙΣ

Κύριε Συντάκτα,

Δηλῶ, ὅτι διαψεύδων ὅσα ἐν τῷ προχθεσινῷ φύλλῳ τῆς «Ἐμπρὸς» διέψευσα, ὅλα ἐνόμιζον ὅτι τῆς δηλώσεως τε καὶ δεν ἐναισχυντῶν ὑβριστὴν τοῦ «Θορύβου». Ἐπειδὴ δὲ ὁ ἀπουσιάζων εἰς ταὺς πρὸ καιροῦ ἐπισκέψεις ὑπὲρ πάντων ἀρχικῶς, μέλλων καὶ τὴν ἐπιστολήν του διὰ συμπλήρωσιν.

Σαλαμὶς 18(6)900.

Δέξασθε κλ.

Β. Γαλεὸς

Φαρμακοποιὸς

ΑΝΤΙΦΑΛΑΚΡΙΝΗ

Πρὸς τὸν κ. Φίλιππον Παπαδόπουλον Φαρμακοποιὸν

Εἰς Ἀθήνας

Ἀξιότιμε Κύριε Παπαδόπουλε

Ἐφανταζόμην ὅτι δὰ βοηθῶ διὰ νὰ ἐπιτύχω τὴν γόνιμον ἀγάπην πρὸς τὸ φυτικὸν σας προϊόν, ἀμεριμνὸν ἐκ τῆς βοηθείας διὰ τὴν ἐπιτυχίαν τῆς Ἀντιφαλακρίνης σας, εἰς τὴν οὐσιαστικὴν καὶ ἀσφαλῆ αὐτῆς θεραπείαν. Δι' ὃ σας εὐχαριστῶ καὶ σας εὐγνωμονῶ.

Ἐν Θεσσαλονίκῃ τῇ 14 Ἰουνίου 1900.

Διατελῶ μεθ' ὑπολήψεως

Σόλων Μαθιόπουλος

Ἔμπορος

ΤΡΟΠΟΣ ΜΑΚΡΟΒΙΟΤΗΤΟΣ

Δεν ἀποθνήσκομεν· φθείρομεν τὴν ζωὴν μας διὰ τῆς ἰδιοτελοῦς καταχρήσεως, προερχόμενην ἐκ χαθιστικοῦ βίου ὅστις κατανοεῖ τὸν στόμαχον, πληθωρικῇ ἡ ἥπαρ, ῥυπαίνει τὰ ἔντερα, παραλύει τοὺς νεφροὺς καὶ τῷ ἐμφανιζομένων τῆς ζωῆς ἀναλογικώτερα. Ἐκ τούτων οἱ τὰ ἀγαθὰ ζωῆς καὶ τὸν ἐκ τῶν ἀνεπαρκῶν νοσημάτων.

Ἐν ποτήριον τοῦ φυσικοῦ πλήρες ὕδατος Hunyadi Janos τῆς φίρμης Saxlehner λαμβανόμενον καθ' ἑκάστην πρωίαν ἀκόμη ἐπὶ νήστει ἐξασφαλίζει τὴν πλήρωσιν τοῦ ὀργανισμοῦ καὶ τὴν μακροβιότητα, ὡς συμβουλεύουν ἅπαντες οἱ καθηγηταὶ τῆς ἰατρικῆς.

Πρὸς ἀποφυγὴν ἀπάτης ἀπαιτεῖται ἡ ἐτικέτα τοῦ γνησίου Hunyadi Janos.

ΝΕΡΟ, ΝΕΡΟ

Εἰς τὴν τοποθεσίαν τῶν Ἀθηνῶν «Ἰόρδανος» πλησίον καὶ ἀκριβῶς ὄπισθεν τοῦ Ἁγίου Σάββα, ἐπὶ τοῦ κτήματος τοῦ Ἀντωνίου Λεμπέση, τὰ ὕδατα τοῦ ὁποίου εἶναι ἄφθονα, ἐκ τῶν καλλιτέρων διὰ πλύσιμον, πωλοῦνται καθημερινῶς εἰς χρῆσιν τῶν κατοίκων. Οἱ βουλόμενοι νὰ ἐπωφεληθῶσιν ἀποτείνονται εἰς τὸν κ. Ἀστυχριακοῦ καὶ ἄλλους ἐγγυητὰς τοῦ κτήματος.
